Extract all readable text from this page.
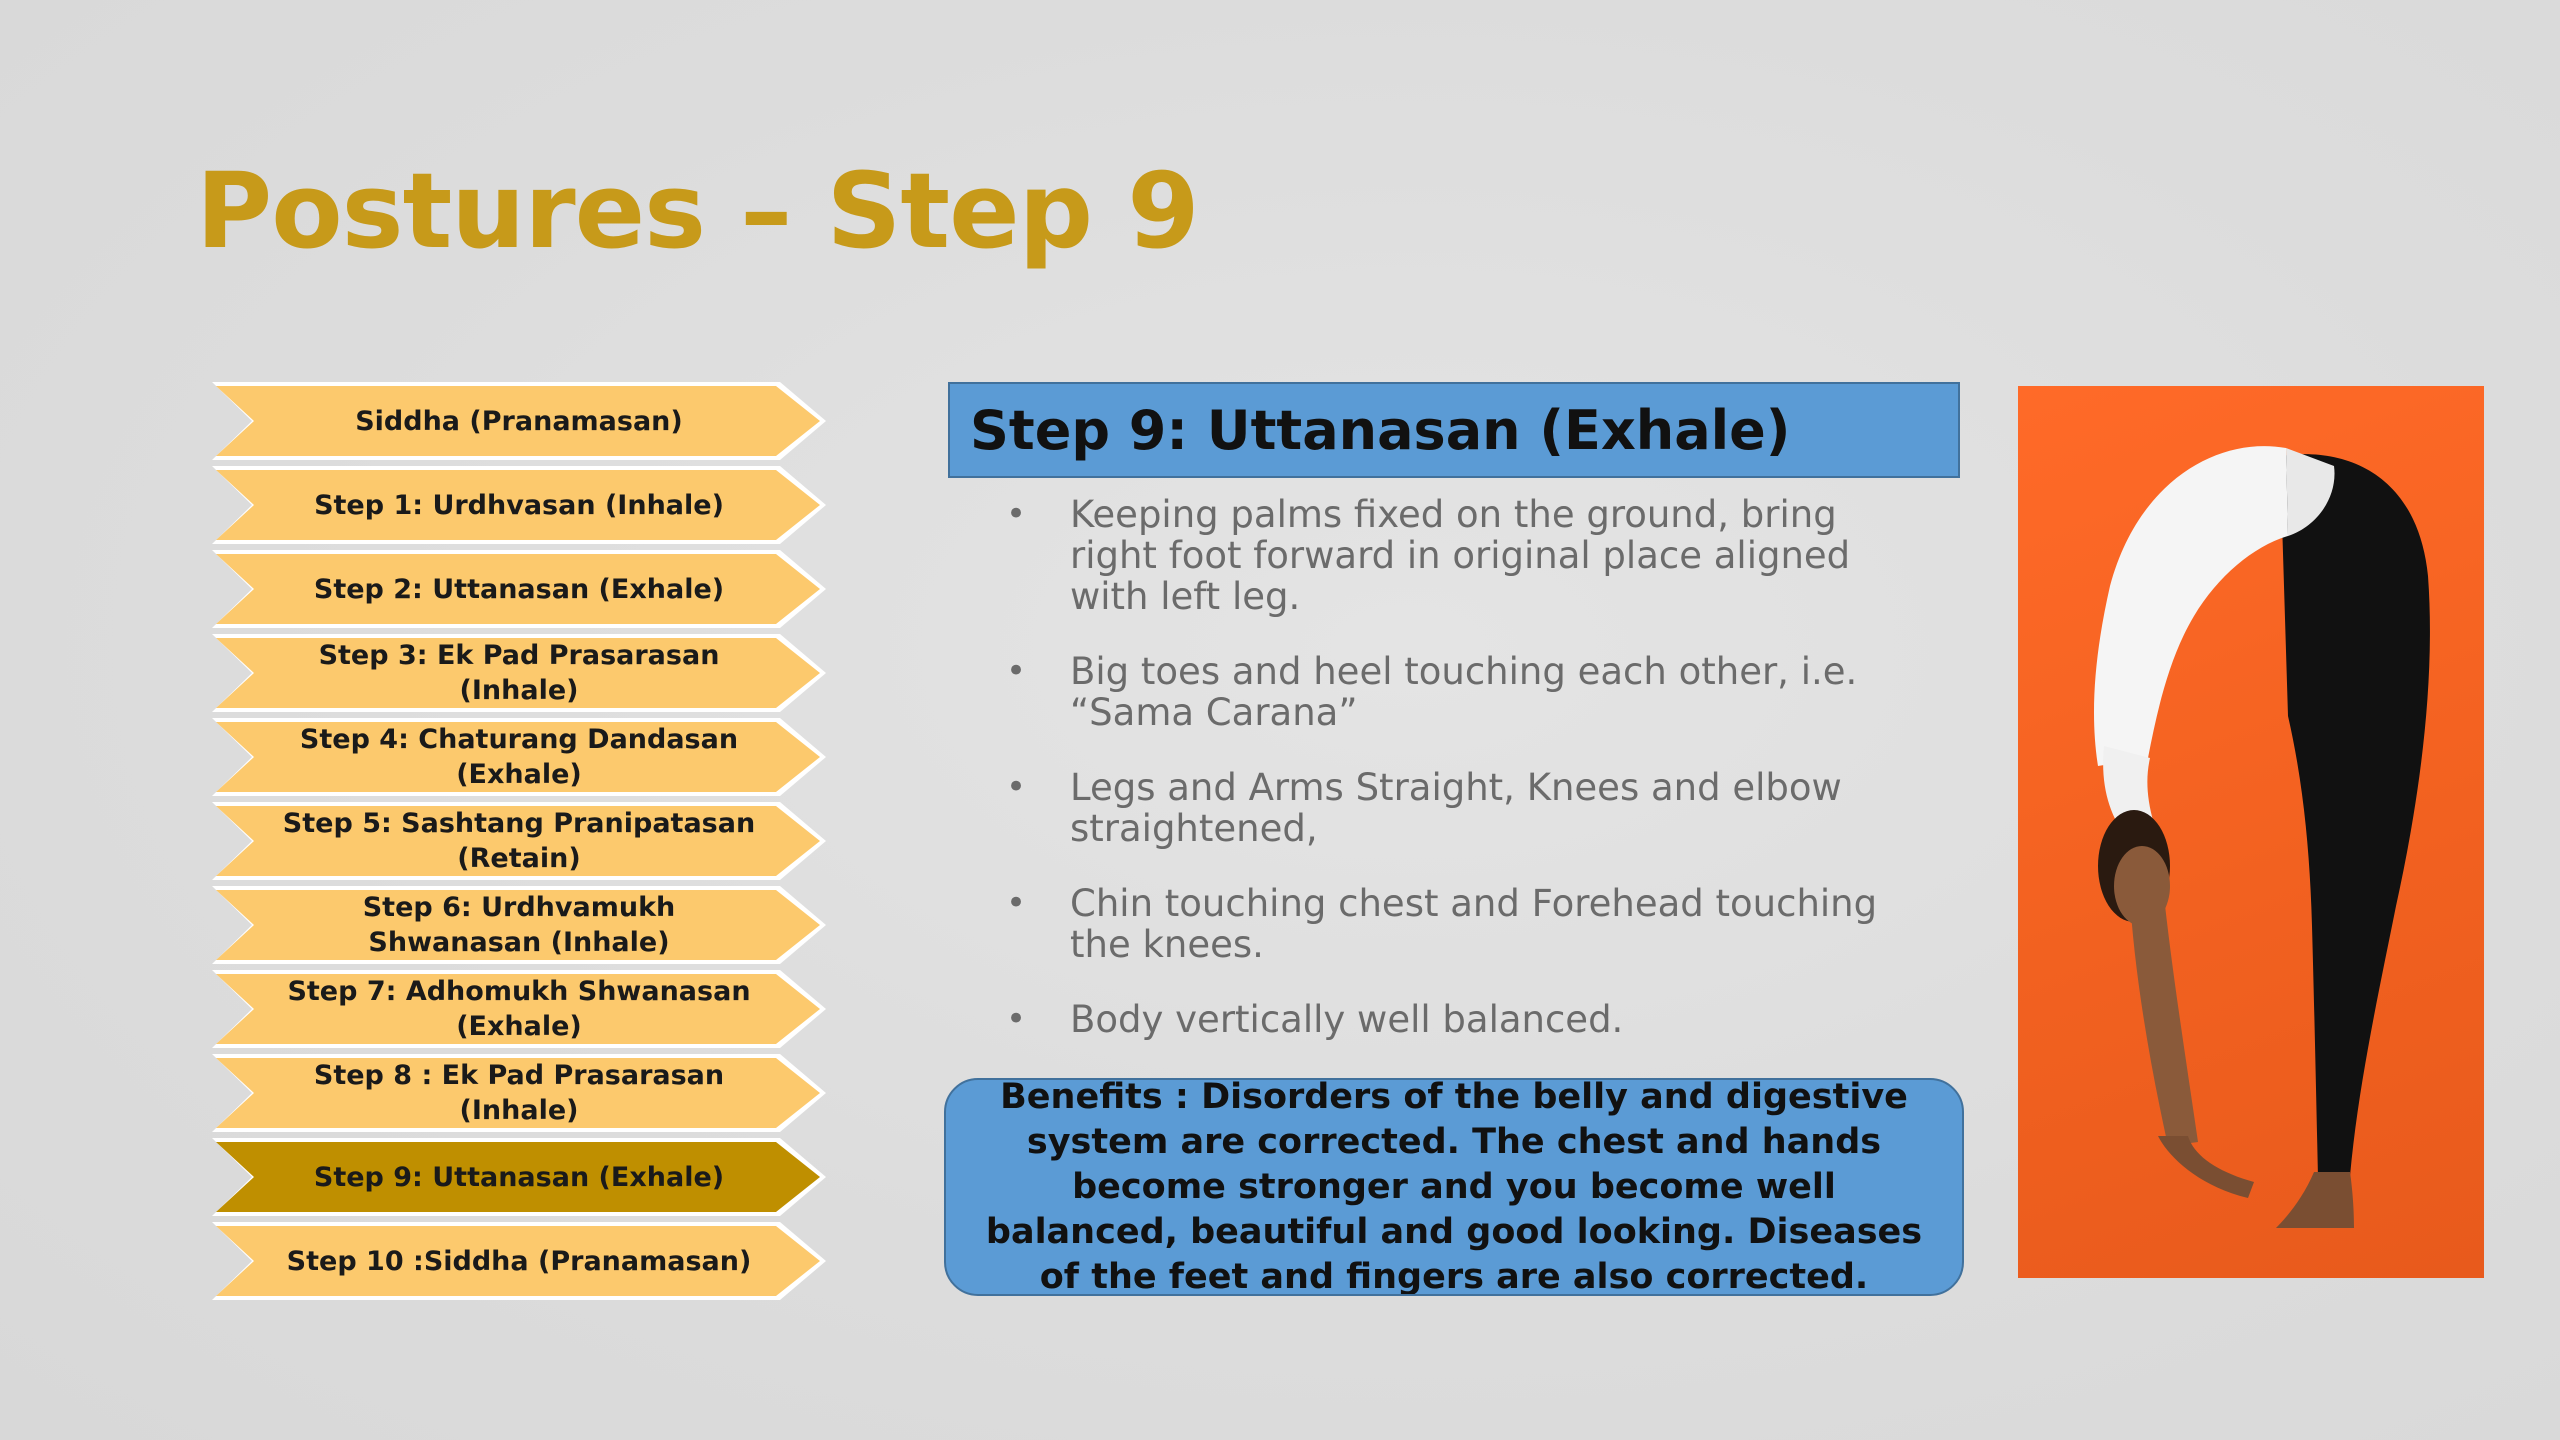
Postures – Step 9
Siddha (Pranamasan)
Step 1: Urdhvasan (Inhale)
Step 2: Uttanasan (Exhale)
Step 3: Ek Pad Prasarasan (Inhale)
Step 4: Chaturang Dandasan (Exhale)
Step 5: Sashtang Pranipatasan (Retain)
Step 6: Urdhvamukh Shwanasan (Inhale)
Step 7: Adhomukh Shwanasan (Exhale)
Step 8 : Ek Pad Prasarasan (Inhale)
Step 9: Uttanasan (Exhale)
Step 10 :Siddha (Pranamasan)
Step 9: Uttanasan (Exhale)
• Keeping palms fixed on the ground, bring right foot forward in original place aligned with left leg.
• Big toes and heel touching each other, i.e. “Sama Carana”
• Legs and Arms Straight, Knees and elbow straightened,
• Chin touching chest and Forehead touching the knees.
• Body vertically well balanced.
Benefits : Disorders of the belly and digestive system are corrected. The chest and hands become stronger and you become well balanced, beautiful and good looking. Diseases of the feet and fingers are also corrected.
